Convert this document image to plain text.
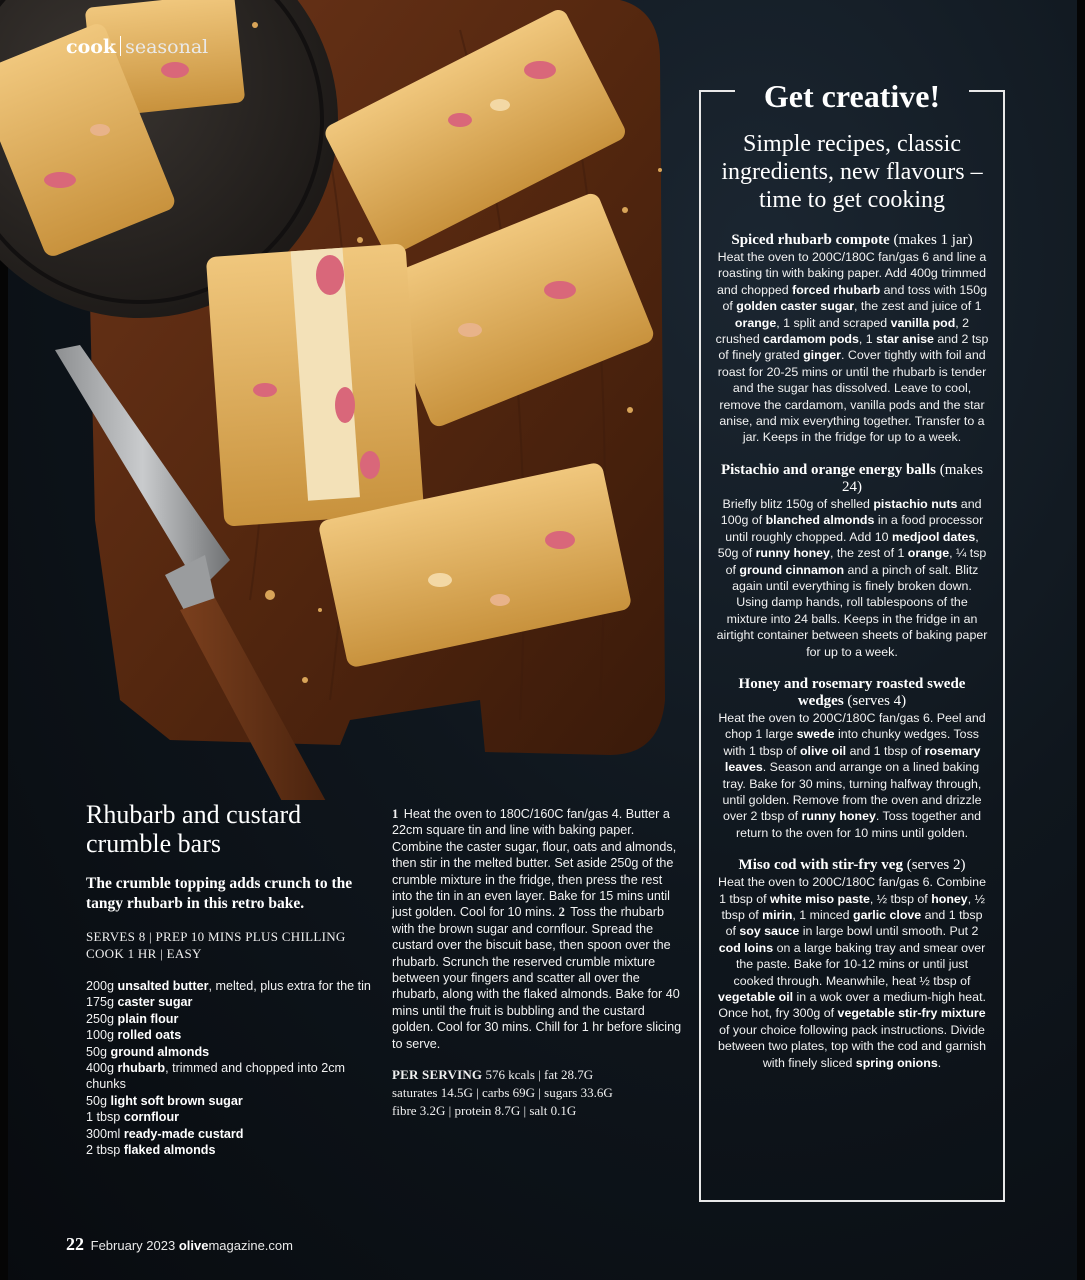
cook seasonal
Rhubarb and custard crumble bars

The crumble topping adds crunch to the tangy rhubarb in this retro bake.

SERVES 8 | PREP 10 MINS PLUS CHILLING
COOK 1 HR | EASY
200g unsalted butter, melted, plus extra for the tin
175g caster sugar
250g plain flour
100g rolled oats
50g ground almonds
400g rhubarb, trimmed and chopped into 2cm chunks
50g light soft brown sugar
1 tbsp cornflour
300ml ready-made custard
2 tbsp flaked almonds

1 Heat the oven to 180C/160C fan/gas 4. Butter a 22cm square tin and line with baking paper. Combine the caster sugar, flour, oats and almonds, then stir in the melted butter. Set aside 250g of the crumble mixture in the fridge, then press the rest into the tin in an even layer. Bake for 15 mins until just golden. Cool for 10 mins. 2 Toss the rhubarb with the brown sugar and cornflour. Spread the custard over the biscuit base, then spoon over the rhubarb. Scrunch the reserved crumble mixture between your fingers and scatter all over the rhubarb, along with the flaked almonds. Bake for 40 mins until the fruit is bubbling and the custard golden. Cool for 30 mins. Chill for 1 hr before slicing to serve.

PER SERVING 576 kcals | fat 28.7G
saturates 14.5G | carbs 69G | sugars 33.6G
fibre 3.2G | protein 8.7G | salt 0.1G
Get creative!

Simple recipes, classic ingredients, new flavours – time to get cooking

Spiced rhubarb compote (makes 1 jar)

Heat the oven to 200C/180C fan/gas 6 and line a roasting tin with baking paper. Add 400g trimmed and chopped forced rhubarb and toss with 150g of golden caster sugar, the zest and juice of 1 orange, 1 split and scraped vanilla pod, 2 crushed cardamom pods, 1 star anise and 2 tsp of finely grated ginger. Cover tightly with foil and roast for 20-25 mins or until the rhubarb is tender and the sugar has dissolved. Leave to cool, remove the cardamom, vanilla pods and the star anise, and mix everything together. Transfer to a jar. Keeps in the fridge for up to a week.

Pistachio and orange energy balls (makes 24)

Briefly blitz 150g of shelled pistachio nuts and 100g of blanched almonds in a food processor until roughly chopped. Add 10 medjool dates, 50g of runny honey, the zest of 1 orange, ¼ tsp of ground cinnamon and a pinch of salt. Blitz again until everything is finely broken down. Using damp hands, roll tablespoons of the mixture into 24 balls. Keeps in the fridge in an airtight container between sheets of baking paper for up to a week.

Honey and rosemary roasted swede wedges (serves 4)

Heat the oven to 200C/180C fan/gas 6. Peel and chop 1 large swede into chunky wedges. Toss with 1 tbsp of olive oil and 1 tbsp of rosemary leaves. Season and arrange on a lined baking tray. Bake for 30 mins, turning halfway through, until golden. Remove from the oven and drizzle over 2 tbsp of runny honey. Toss together and return to the oven for 10 mins until golden.

Miso cod with stir-fry veg (serves 2)

Heat the oven to 200C/180C fan/gas 6. Combine 1 tbsp of white miso paste, ½ tbsp of honey, ½ tbsp of mirin, 1 minced garlic clove and 1 tbsp of soy sauce in large bowl until smooth. Put 2 cod loins on a large baking tray and smear over the paste. Bake for 10-12 mins or until just cooked through. Meanwhile, heat ½ tbsp of vegetable oil in a wok over a medium-high heat. Once hot, fry 300g of vegetable stir-fry mixture of your choice following pack instructions. Divide between two plates, top with the cod and garnish with finely sliced spring onions.

22 February 2023 olivemagazine.com
